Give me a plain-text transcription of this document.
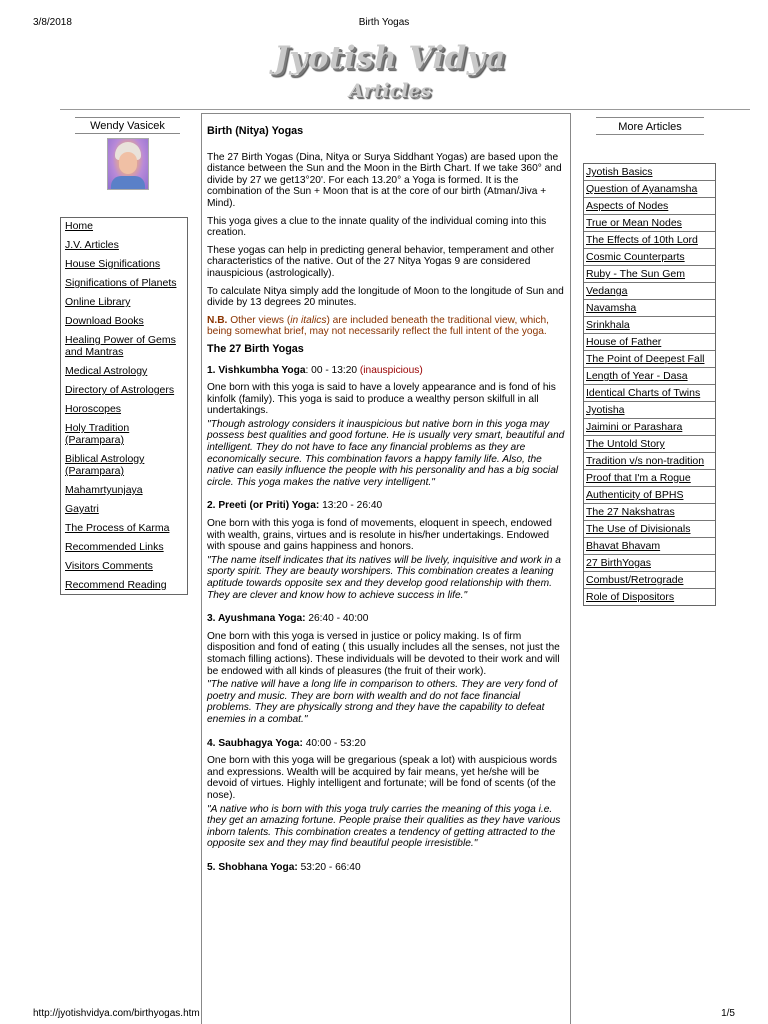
3/8/2018	Birth Yogas
Jyotish Vidya
Articles
Wendy Vasicek
Home
J.V. Articles
House Significations
Significations of Planets
Online Library
Download Books
Healing Power of Gems and Mantras
Medical Astrology
Directory of Astrologers
Horoscopes
Holy Tradition (Parampara)
Biblical Astrology (Parampara)
Mahamrtyunjaya
Gayatri
The Process of Karma
Recommended Links
Visitors Comments
Recommend Reading
Birth (Nitya) Yogas

The 27 Birth Yogas (Dina, Nitya or Surya Siddhant Yogas) are based upon the distance between the Sun and the Moon in the Birth Chart. If we take 360° and divide by 27 we get13°20'. For each 13.20° a Yoga is formed. It is the combination of the Sun + Moon that is at the core of our birth (Atman/Jiva + Mind).

This yoga gives a clue to the innate quality of the individual coming into this creation.

These yogas can help in predicting general behavior, temperament and other characteristics of the native. Out of the 27 Nitya Yogas 9 are considered inauspicious (astrologically).

To calculate Nitya simply add the longitude of Moon to the longitude of Sun and divide by 13 degrees 20 minutes.

N.B. Other views (in italics) are included beneath the traditional view, which, being somewhat brief, may not necessarily reflect the full intent of the yoga.

The 27 Birth Yogas

1. Vishkumbha Yoga: 00 - 13:20 (inauspicious)

One born with this yoga is said to have a lovely appearance and is fond of his kinfolk (family). This yoga is said to produce a wealthy person skilfull in all undertakings.

"Though astrology considers it inauspicious but native born in this yoga may possess best qualities and good fortune. He is usually very smart, beautiful and intelligent. They do not have to face any financial problems as they are economically secure. This combination favors a happy family life. Also, the native can easily influence the people with his personality and has a big social circle. This yoga makes the native very intelligent."

2. Preeti (or Priti) Yoga: 13:20 - 26:40

One born with this yoga is fond of movements, eloquent in speech, endowed with wealth, grains, virtues and is resolute in his/her undertakings. Endowed with spouse and gains happiness and honors.

"The name itself indicates that its natives will be lively, inquisitive and work in a sporty spirit. They are beauty worshipers. This combination creates a leaning aptitude towards opposite sex and they develop good relationship with them. They are clever and know how to achieve success in life."

3. Ayushmana Yoga: 26:40 - 40:00

One born with this yoga is versed in justice or policy making. Is of firm disposition and fond of eating ( this usually includes all the senses, not just the stomach filling actions). These individuals will be devoted to their work and will be endowed with all kinds of pleasures (the fruit of their work).

"The native will have a long life in comparison to others. They are very fond of poetry and music. They are born with wealth and do not face financial problems. They are physically strong and they have the capability to defeat enemies in a combat."

4. Saubhagya Yoga: 40:00 - 53:20

One born with this yoga will be gregarious (speak a lot) with auspicious words and expressions. Wealth will be acquired by fair means, yet he/she will be devoid of virtues. Highly intelligent and fortunate; will be fond of scents (of the nose).

"A native who is born with this yoga truly carries the meaning of this yoga i.e. they get an amazing fortune. People praise their qualities as they have various inborn talents. This combination creates a tendency of getting attracted to the opposite sex and they may find beautiful people irresistible."

5. Shobhana Yoga: 53:20 - 66:40

More Articles
Jyotish Basics
Question of Ayanamsha
Aspects of Nodes
True or Mean Nodes
The Effects of 10th Lord
Cosmic Counterparts
Ruby - The Sun Gem
Vedanga
Navamsha
Srinkhala
House of Father
The Point of Deepest Fall
Length of Year - Dasa
Identical Charts of Twins
Jyotisha
Jaimini or Parashara
The Untold Story
Tradition v/s non-tradition
Proof that I'm a Rogue
Authenticity of BPHS
The 27 Nakshatras
The Use of Divisionals
Bhavat Bhavam
27 BirthYogas
Combust/Retrograde
Role of Dispositors
http://jyotishvidya.com/birthyogas.htm	1/5
